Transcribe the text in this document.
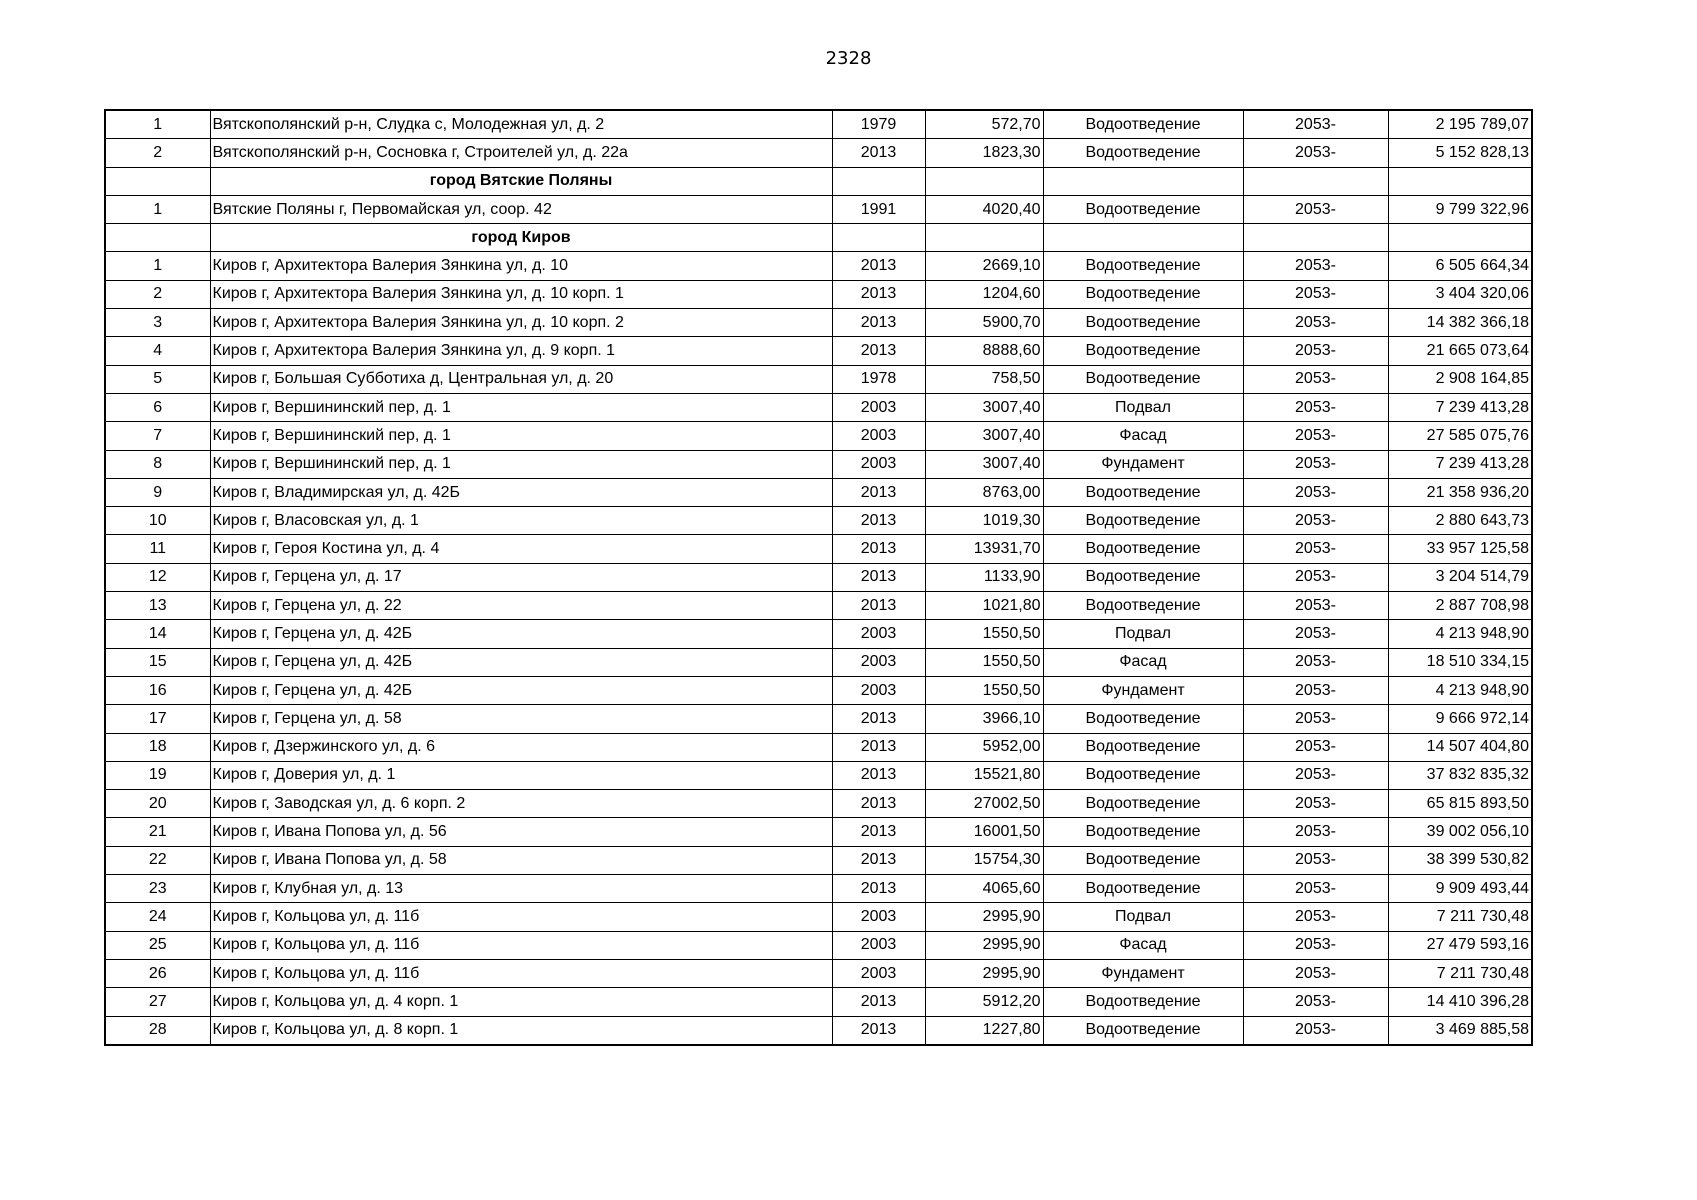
2328
1	Вятскополянский р-н, Слудка с, Молодежная ул, д. 2	1979	572,70	Водоотведение	2053-	2 195 789,07
2	Вятскополянский р-н, Сосновка г, Строителей ул, д. 22а	2013	1823,30	Водоотведение	2053-	5 152 828,13
	город Вятские Поляны					
1	Вятские Поляны г, Первомайская ул, соор. 42	1991	4020,40	Водоотведение	2053-	9 799 322,96
	город Киров					
1	Киров г, Архитектора Валерия Зянкина ул, д. 10	2013	2669,10	Водоотведение	2053-	6 505 664,34
2	Киров г, Архитектора Валерия Зянкина ул, д. 10 корп. 1	2013	1204,60	Водоотведение	2053-	3 404 320,06
3	Киров г, Архитектора Валерия Зянкина ул, д. 10 корп. 2	2013	5900,70	Водоотведение	2053-	14 382 366,18
4	Киров г, Архитектора Валерия Зянкина ул, д. 9 корп. 1	2013	8888,60	Водоотведение	2053-	21 665 073,64
5	Киров г, Большая Субботиха д, Центральная ул, д. 20	1978	758,50	Водоотведение	2053-	2 908 164,85
6	Киров г, Вершининский пер, д. 1	2003	3007,40	Подвал	2053-	7 239 413,28
7	Киров г, Вершининский пер, д. 1	2003	3007,40	Фасад	2053-	27 585 075,76
8	Киров г, Вершининский пер, д. 1	2003	3007,40	Фундамент	2053-	7 239 413,28
9	Киров г, Владимирская ул, д. 42Б	2013	8763,00	Водоотведение	2053-	21 358 936,20
10	Киров г, Власовская ул, д. 1	2013	1019,30	Водоотведение	2053-	2 880 643,73
11	Киров г, Героя Костина ул, д. 4	2013	13931,70	Водоотведение	2053-	33 957 125,58
12	Киров г, Герцена ул, д. 17	2013	1133,90	Водоотведение	2053-	3 204 514,79
13	Киров г, Герцена ул, д. 22	2013	1021,80	Водоотведение	2053-	2 887 708,98
14	Киров г, Герцена ул, д. 42Б	2003	1550,50	Подвал	2053-	4 213 948,90
15	Киров г, Герцена ул, д. 42Б	2003	1550,50	Фасад	2053-	18 510 334,15
16	Киров г, Герцена ул, д. 42Б	2003	1550,50	Фундамент	2053-	4 213 948,90
17	Киров г, Герцена ул, д. 58	2013	3966,10	Водоотведение	2053-	9 666 972,14
18	Киров г, Дзержинского ул, д. 6	2013	5952,00	Водоотведение	2053-	14 507 404,80
19	Киров г, Доверия ул, д. 1	2013	15521,80	Водоотведение	2053-	37 832 835,32
20	Киров г, Заводская ул, д. 6 корп. 2	2013	27002,50	Водоотведение	2053-	65 815 893,50
21	Киров г, Ивана Попова ул, д. 56	2013	16001,50	Водоотведение	2053-	39 002 056,10
22	Киров г, Ивана Попова ул, д. 58	2013	15754,30	Водоотведение	2053-	38 399 530,82
23	Киров г, Клубная ул, д. 13	2013	4065,60	Водоотведение	2053-	9 909 493,44
24	Киров г, Кольцова ул, д. 11б	2003	2995,90	Подвал	2053-	7 211 730,48
25	Киров г, Кольцова ул, д. 11б	2003	2995,90	Фасад	2053-	27 479 593,16
26	Киров г, Кольцова ул, д. 11б	2003	2995,90	Фундамент	2053-	7 211 730,48
27	Киров г, Кольцова ул, д. 4 корп. 1	2013	5912,20	Водоотведение	2053-	14 410 396,28
28	Киров г, Кольцова ул, д. 8 корп. 1	2013	1227,80	Водоотведение	2053-	3 469 885,58
